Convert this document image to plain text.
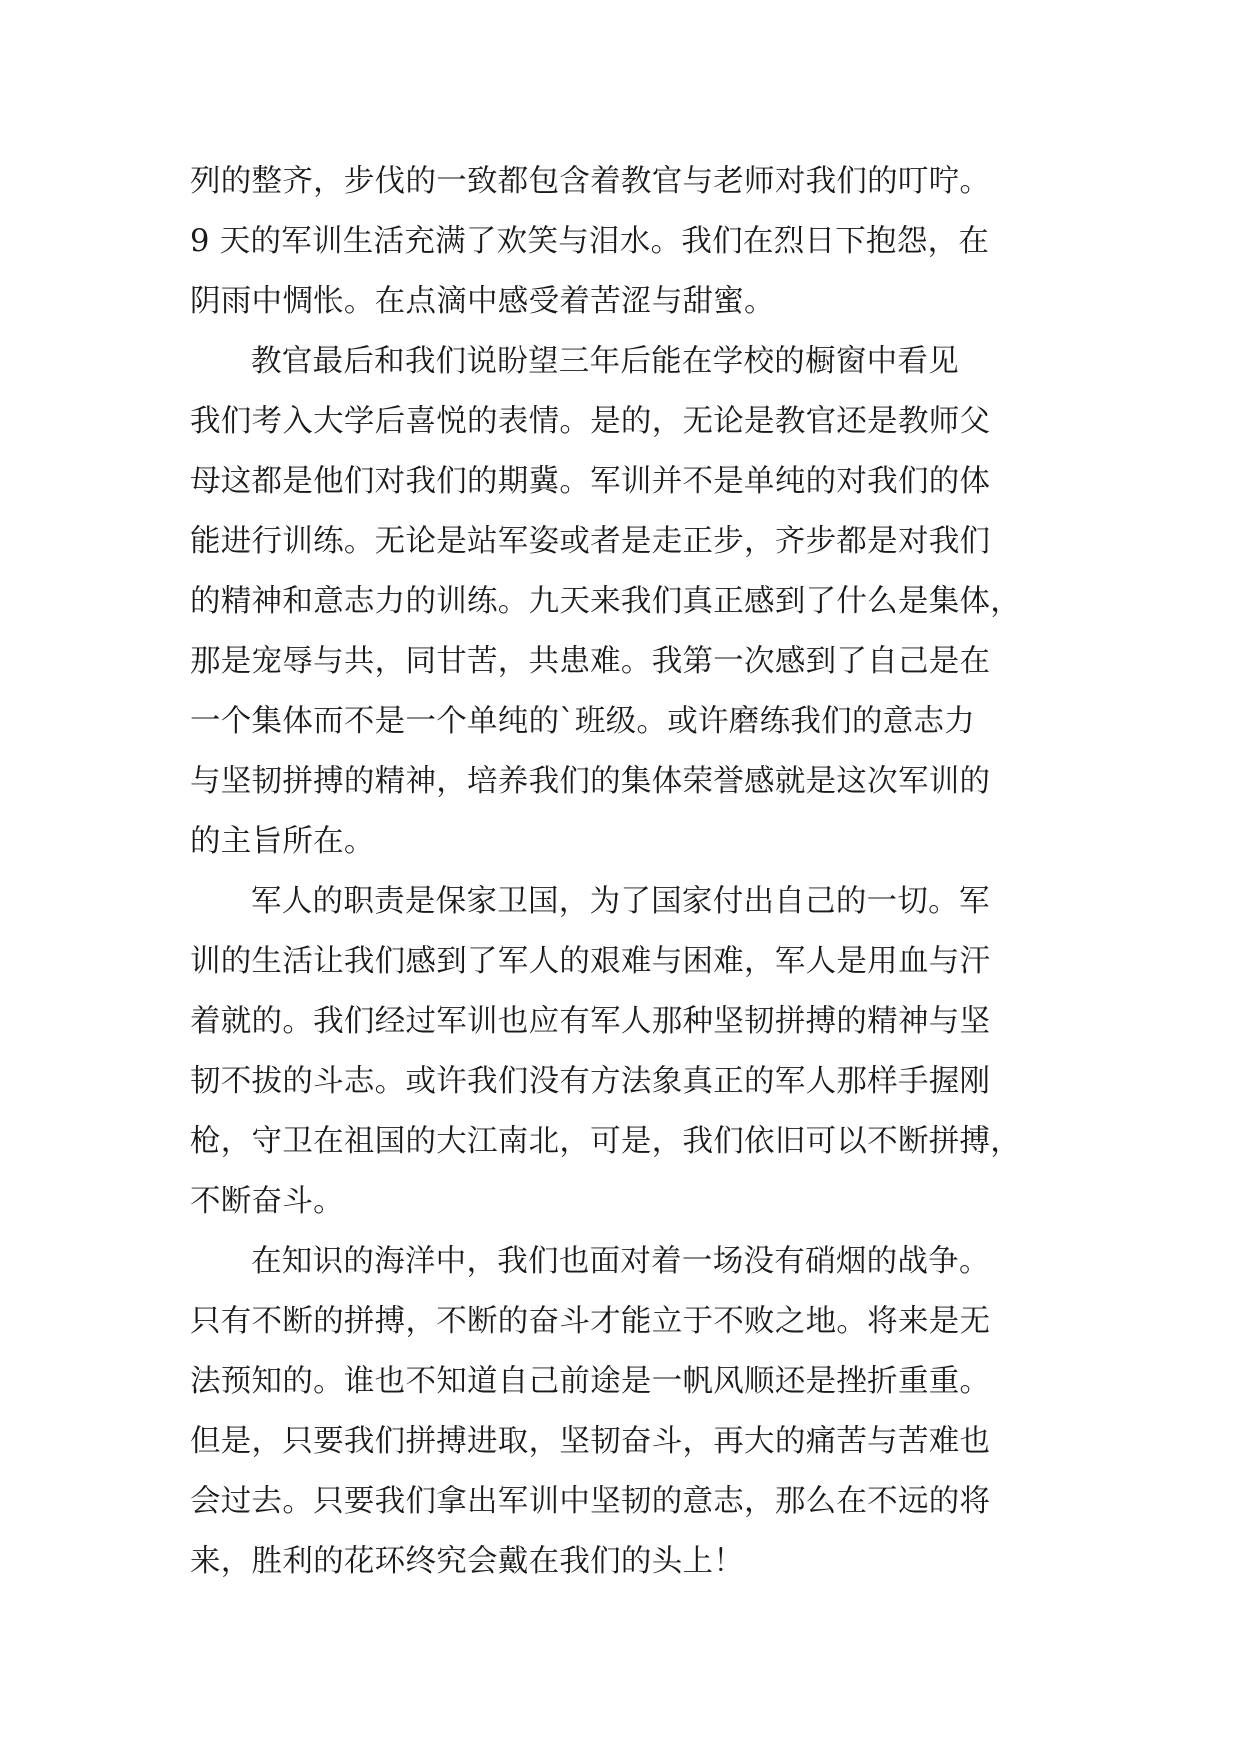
列的整齐，步伐的一致都包含着教官与老师对我们的叮咛。
9 天的军训生活充满了欢笑与泪水。我们在烈日下抱怨，在
阴雨中惆怅。在点滴中感受着苦涩与甜蜜。
教官最后和我们说盼望三年后能在学校的橱窗中看见
我们考入大学后喜悦的表情。是的，无论是教官还是教师父
母这都是他们对我们的期冀。军训并不是单纯的对我们的体
能进行训练。无论是站军姿或者是走正步，齐步都是对我们
的精神和意志力的训练。九天来我们真正感到了什么是集体，
那是宠辱与共，同甘苦，共患难。我第一次感到了自己是在
一个集体而不是一个单纯的`班级。或许磨练我们的意志力
与坚韧拼搏的精神，培养我们的集体荣誉感就是这次军训的
的主旨所在。
军人的职责是保家卫国，为了国家付出自己的一切。军
训的生活让我们感到了军人的艰难与困难，军人是用血与汗
着就的。我们经过军训也应有军人那种坚韧拼搏的精神与坚
韧不拔的斗志。或许我们没有方法象真正的军人那样手握刚
枪，守卫在祖国的大江南北，可是，我们依旧可以不断拼搏，
不断奋斗。
在知识的海洋中，我们也面对着一场没有硝烟的战争。
只有不断的拼搏，不断的奋斗才能立于不败之地。将来是无
法预知的。谁也不知道自己前途是一帆风顺还是挫折重重。
但是，只要我们拼搏进取，坚韧奋斗，再大的痛苦与苦难也
会过去。只要我们拿出军训中坚韧的意志，那么在不远的将
来，胜利的花环终究会戴在我们的头上！
